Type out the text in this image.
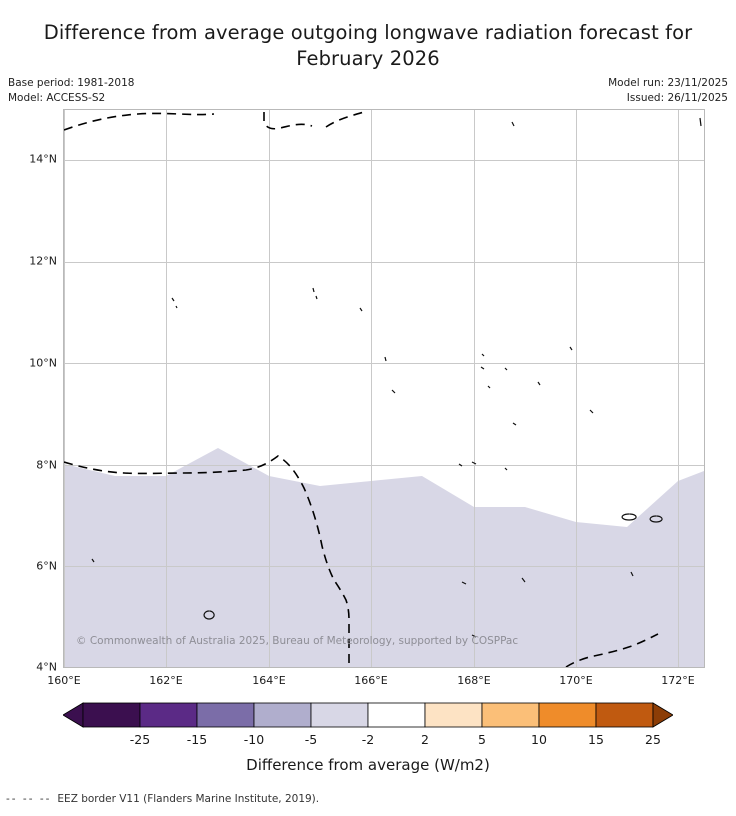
Difference from average outgoing longwave radiation forecast for February 2026
Base period: 1981-2018
Model: ACCESS-S2
Model run: 23/11/2025
Issued: 26/11/2025
© Commonwealth of Australia 2025, Bureau of Meteorology, supported by COSPPac
14°N
12°N
10°N
8°N
6°N
4°N
160°E	162°E	164°E	166°E	168°E	170°E	172°E
-25	-15	-10	-5	-2	2	5	10	15	25
Difference from average (W/m2)
-- -- -- EEZ border V11 (Flanders Marine Institute, 2019).
